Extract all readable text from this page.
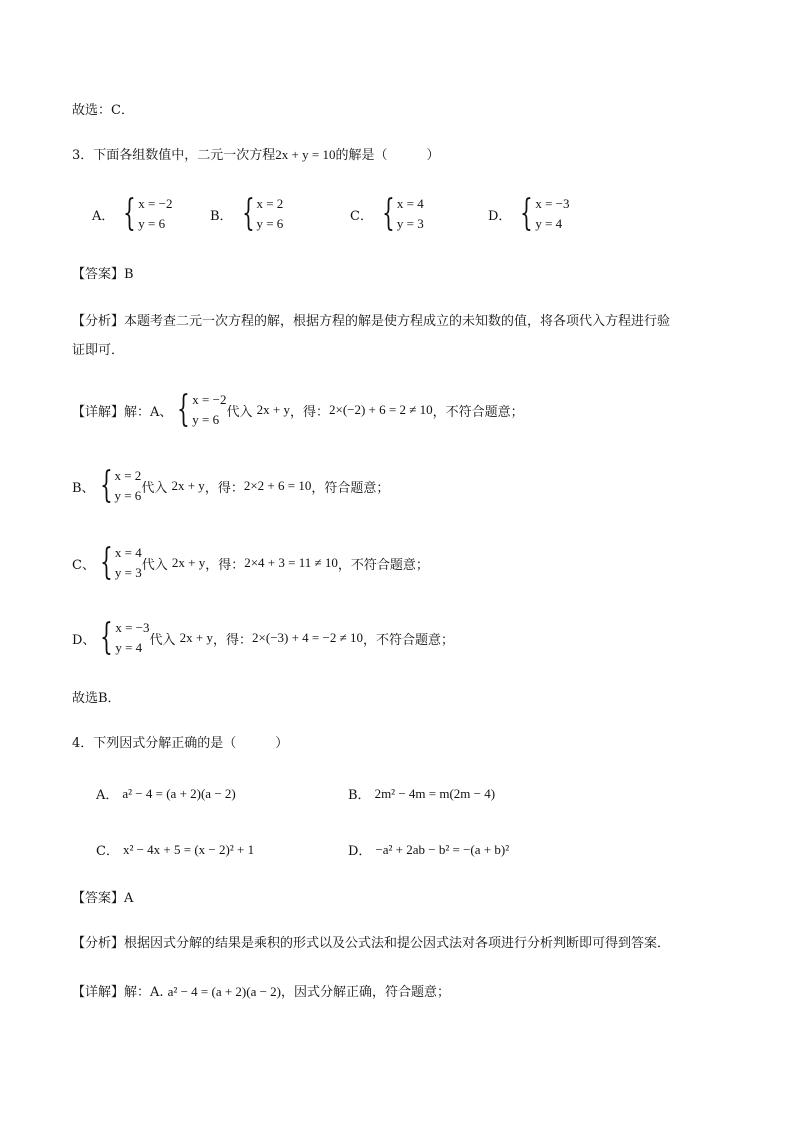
故选：C．
3．下面各组数值中，二元一次方程2x + y = 10的解是（　　　）
A． { x = −2
y = 6	B． { x = 2
y = 6	C． { x = 4
y = 3	D． { x = −3
y = 4
【答案】B
【分析】本题考查二元一次方程的解，根据方程的解是使方程成立的未知数的值，将各项代入方程进行验
证即可．
【详解】解：A、 { x = −2
y = 6 代入
2x + y ，得： 2×(−2) + 6 = 2 ≠ 10 ，不符合题意；
B、 { x = 2
y = 6 代入
2x + y ，得： 2×2 + 6 = 10 ，符合题意；
C、 { x = 4
y = 3 代入
2x + y ，得： 2×4 + 3 = 11 ≠ 10 ，不符合题意；
D、 { x = −3
y = 4 代入
2x + y ，得： 2×(−3) + 4 = −2 ≠ 10 ，不符合题意；
故选B．
4．下列因式分解正确的是（　　　）
A． a² − 4 = (a + 2)(a − 2)	B． 2m² − 4m = m(2m − 4)
C． x² − 4x + 5 = (x − 2)² + 1	D． −a² + 2ab − b² = −(a + b)²
【答案】A
【分析】根据因式分解的结果是乘积的形式以及公式法和提公因式法对各项进行分析判断即可得到答案．
【详解】解：A. a² − 4 = (a + 2)(a − 2)，因式分解正确，符合题意；
